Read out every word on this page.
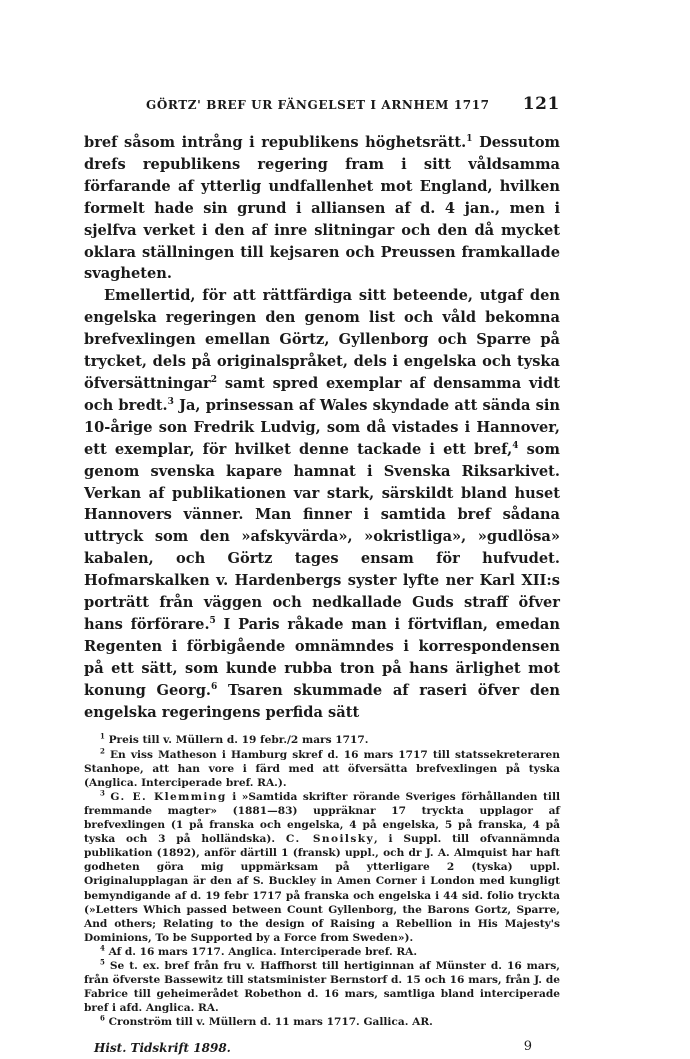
GÖRTZ' BREF UR FÄNGELSET I ARNHEM 1717 121

bref såsom intrång i republikens höghetsrätt.$^1$ Dessutom drefs republikens regering fram i sitt våldsamma förfarande af ytterlig undfallenhet mot England, hvilken formelt hade sin grund i alliansen af d. 4 jan., men i sjelfva verket i den af inre slitningar och den då mycket oklara ställningen till kejsaren och Preussen framkallade svagheten.

Emellertid, för att rättfärdiga sitt beteende, utgaf den engelska regeringen den genom list och våld bekomna brefvexlingen emellan Görtz, Gyllenborg och Sparre på trycket, dels på originalspråket, dels i engelska och tyska öfversättningar$^2$ samt spred exemplar af densamma vidt och bredt.$^3$ Ja, prinsessan af Wales skyndade att sända sin 10-årige son Fredrik Ludvig, som då vistades i Hannover, ett exemplar, för hvilket denne tackade i ett bref,$^4$ som genom svenska kapare hamnat i Svenska Riksarkivet. Verkan af publikationen var stark, särskildt bland huset Hannovers vänner. Man finner i samtida bref sådana uttryck som den »afskyvärda», »okristliga», »gudlösa» kabalen, och Görtz tages ensam för hufvudet. Hofmarskalken v. Hardenbergs syster lyfte ner Karl XII:s porträtt från väggen och nedkallade Guds straff öfver hans förförare.$^5$ I Paris råkade man i förtviflan, emedan Regenten i förbigående omnämndes i korrespondensen på ett sätt, som kunde rubba tron på hans ärlighet mot konung Georg.$^6$ Tsaren skummade af raseri öfver den engelska regeringens perfida sätt

$^1$ Preis till v. Müllern d. 19 febr./2 mars 1717.

$^2$ En viss Matheson i Hamburg skref d. 16 mars 1717 till statssekreteraren Stanhope, att han vore i färd med att öfversätta brefvexlingen på tyska (Anglica. Interciperade bref. RA.).

$^3$ G. E. Klemming i »Samtida skrifter rörande Sveriges förhållanden till fremmande magter» (1881—83) uppräknar 17 tryckta upplagor af brefvexlingen (1 på franska och engelska, 4 på engelska, 5 på franska, 4 på tyska och 3 på holländska). C. Snoilsky, i Suppl. till ofvannämnda publikation (1892), anför därtill 1 (fransk) uppl., och dr J. A. Almquist har haft godheten göra mig uppmärksam på ytterligare 2 (tyska) uppl. Originalupplagan är den af S. Buckley in Amen Corner i London med kungligt bemyndigande af d. 19 febr 1717 på franska och engelska i 44 sid. folio tryckta (»Letters Which passed between Count Gyllenborg, the Barons Gortz, Sparre, And others; Relating to the design of Raising a Rebellion in His Majesty's Dominions, To be Supported by a Force from Sweden»).

$^4$ Af d. 16 mars 1717. Anglica. Interciperade bref. RA.

$^5$ Se t. ex. bref från fru v. Haffhorst till hertiginnan af Münster d. 16 mars, från öfverste Bassewitz till statsminister Bernstorf d. 15 och 16 mars, från J. de Fabrice till geheimerådet Robethon d. 16 mars, samtliga bland interciperade bref i afd. Anglica. RA.

$^6$ Cronström till v. Müllern d. 11 mars 1717. Gallica. AR.

Hist. Tidskrift 1898.	9
